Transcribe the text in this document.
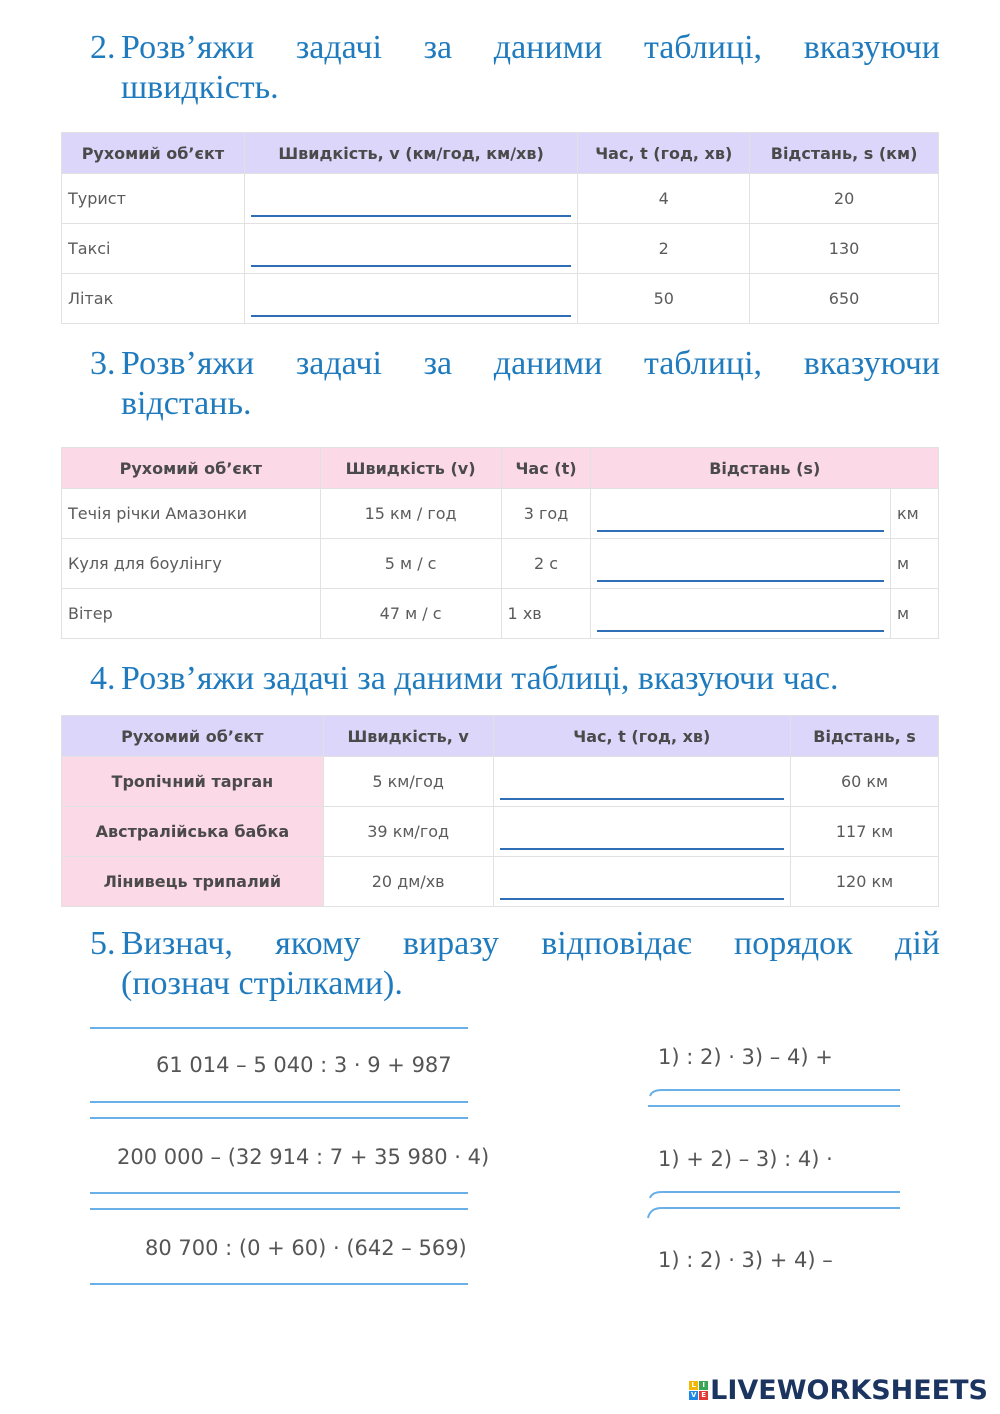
2. Розв’яжи задачі за даними таблиці, вказуючи
швидкість.
Рухомий об’єкт	Швидкість, v (км/год, км/хв)	Час, t (год, хв)	Відстань, s (км)
Турист		4	20
Таксі		2	130
Літак		50	650
3. Розв’яжи задачі за даними таблиці, вказуючи
відстань.
Рухомий об’єкт	Швидкість (v)	Час (t)	Відстань (s)	
Течія річки Амазонки	15 км / год	3 год		км
Куля для боулінгу	5 м / с	2 с		м
Вітер	47 м / с	1 хв		м
4. Розв’яжи задачі за даними таблиці, вказуючи час.
Рухомий об’єкт	Швидкість, v	Час, t (год, хв)	Відстань, s
Тропічний тарган	5 км/год		60 км
Австралійська бабка	39 км/год		117 км
Лінивець трипалий	20 дм/хв		120 км
5. Визнач, якому виразу відповідає порядок дій
(познач стрілками).
61 014 – 5 040 : 3 · 9 + 987
200 000 – (32 914 : 7 + 35 980 · 4)
80 700 : (0 + 60) · (642 – 569)
1) : 2) · 3) – 4) +
1) + 2) – 3) : 4) ·
1) : 2) · 3) + 4) –
L I
V E LIVEWORKSHEETS
